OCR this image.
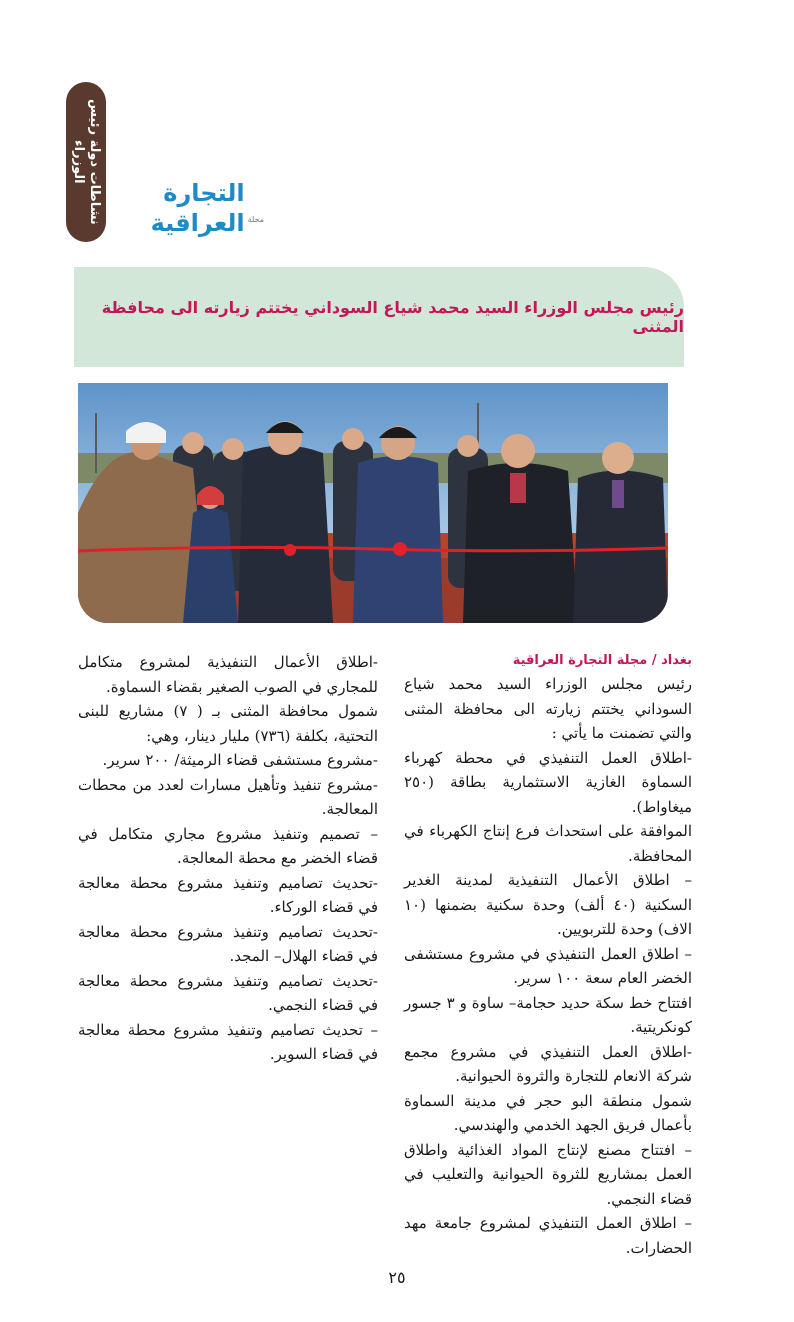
نشاطات دولة رئيس الوزراء
مجلة
التجارة العراقية
رئيس مجلس الوزراء السيد محمد شياع السوداني يختتم زيارته الى محافظة المثنى

بغداد / مجلة التجارة العراقية

رئيس مجلس الوزراء السيد محمد شياع السوداني يختتم زيارته الى محافظة المثنى والتي تضمنت ما يأتي :

-اطلاق العمل التنفيذي في محطة كهرباء السماوة الغازية الاستثمارية بطاقة (٢٥٠ ميغاواط).

الموافقة على استحداث فرع إنتاج الكهرباء في المحافظة.

– اطلاق الأعمال التنفيذية لمدينة الغدير السكنية (٤٠ ألف) وحدة سكنية بضمنها (١٠ الاف) وحدة للتربويين.

– اطلاق العمل التنفيذي في مشروع مستشفى الخضر العام سعة ١٠٠ سرير.

افتتاح خط سكة حديد حجامة– ساوة و ٣ جسور كونكريتية.

-اطلاق العمل التنفيذي في مشروع مجمع شركة الانعام للتجارة والثروة الحيوانية.

شمول منطقة البو حجر في مدينة السماوة بأعمال فريق الجهد الخدمي والهندسي.

– افتتاح مصنع لإنتاج المواد الغذائية واطلاق العمل بمشاريع للثروة الحيوانية والتعليب في قضاء النجمي.

– اطلاق العمل التنفيذي لمشروع جامعة مهد الحضارات.

-اطلاق الأعمال التنفيذية لمشروع متكامل للمجاري في الصوب الصغير بقضاء السماوة.

شمول محافظة المثنى بـ ( ٧) مشاريع للبنى التحتية، بكلفة (٧٣٦) مليار دينار، وهي:

-مشروع مستشفى قضاء الرميثة/ ٢٠٠ سرير.

-مشروع تنفيذ وتأهيل مسارات لعدد من محطات المعالجة.

– تصميم وتنفيذ مشروع مجاري متكامل في قضاء الخضر مع محطة المعالجة.

-تحديث تصاميم وتنفيذ مشروع محطة معالجة في قضاء الوركاء.

-تحديث تصاميم وتنفيذ مشروع محطة معالجة في قضاء الهلال– المجد.

-تحديث تصاميم وتنفيذ مشروع محطة معالجة في قضاء النجمي.

– تحديث تصاميم وتنفيذ مشروع محطة معالجة في قضاء السوير.

٢٥
